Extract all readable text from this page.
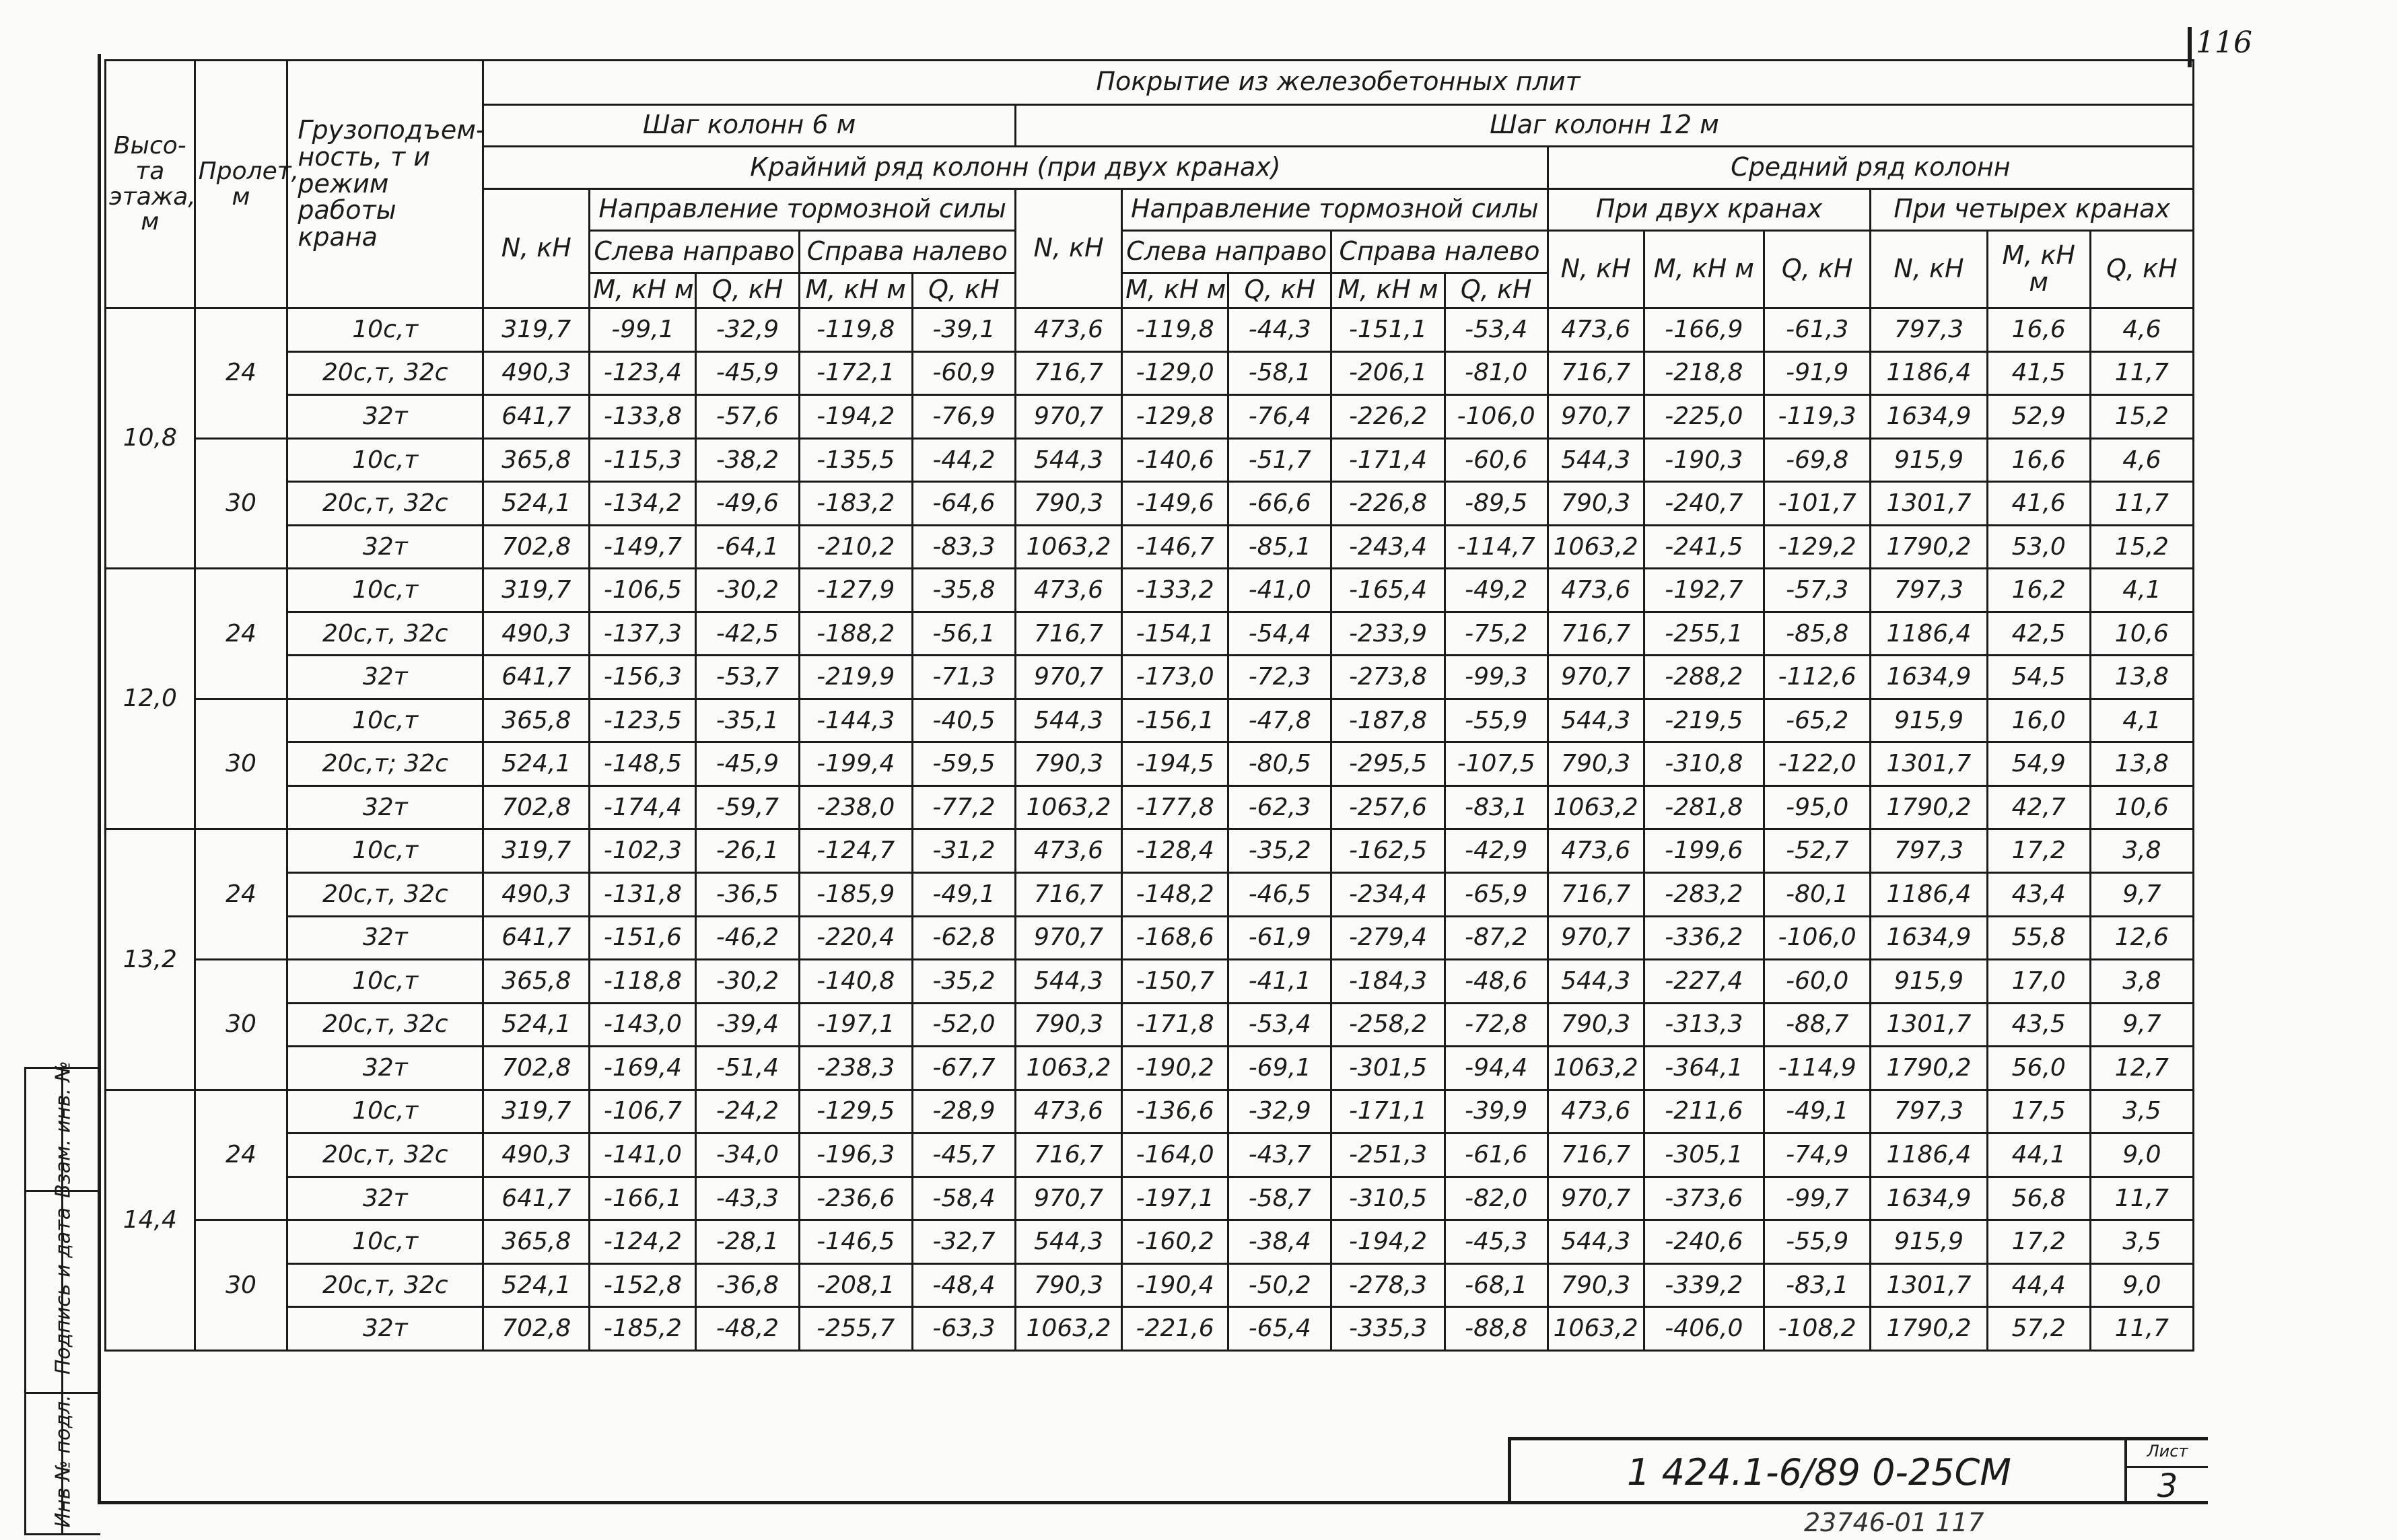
116
Высо-та этажа, м	Пролет, м	Грузоподъем-ность, т и режим работы крана	Покрытие из железобетонных плит															
			Шаг колонн 6 м					Шаг колонн 12 м										
			Крайний ряд колонн (при двух кранах)										Средний ряд колонн					
			N, кН	Направление тормозной силы				N, кН	Направление тормозной силы				При двух кранах			При четырех кранах		
				Слева направо		Справа налево			Слева направо		Справа налево		N, кН	М, кН м	Q, кН	N, кН	М, кН м	Q, кН
				М, кН м	Q, кН	М, кН м	Q, кН		М, кН м	Q, кН	М, кН м	Q, кН						
10,8	24	10с,т	319,7	-99,1	-32,9	-119,8	-39,1	473,6	-119,8	-44,3	-151,1	-53,4	473,6	-166,9	-61,3	797,3	16,6	4,6
		20с,т, 32с	490,3	-123,4	-45,9	-172,1	-60,9	716,7	-129,0	-58,1	-206,1	-81,0	716,7	-218,8	-91,9	1186,4	41,5	11,7
		32т	641,7	-133,8	-57,6	-194,2	-76,9	970,7	-129,8	-76,4	-226,2	-106,0	970,7	-225,0	-119,3	1634,9	52,9	15,2
	30	10с,т	365,8	-115,3	-38,2	-135,5	-44,2	544,3	-140,6	-51,7	-171,4	-60,6	544,3	-190,3	-69,8	915,9	16,6	4,6
		20с,т, 32с	524,1	-134,2	-49,6	-183,2	-64,6	790,3	-149,6	-66,6	-226,8	-89,5	790,3	-240,7	-101,7	1301,7	41,6	11,7
		32т	702,8	-149,7	-64,1	-210,2	-83,3	1063,2	-146,7	-85,1	-243,4	-114,7	1063,2	-241,5	-129,2	1790,2	53,0	15,2
12,0	24	10с,т	319,7	-106,5	-30,2	-127,9	-35,8	473,6	-133,2	-41,0	-165,4	-49,2	473,6	-192,7	-57,3	797,3	16,2	4,1
		20с,т, 32с	490,3	-137,3	-42,5	-188,2	-56,1	716,7	-154,1	-54,4	-233,9	-75,2	716,7	-255,1	-85,8	1186,4	42,5	10,6
		32т	641,7	-156,3	-53,7	-219,9	-71,3	970,7	-173,0	-72,3	-273,8	-99,3	970,7	-288,2	-112,6	1634,9	54,5	13,8
	30	10с,т	365,8	-123,5	-35,1	-144,3	-40,5	544,3	-156,1	-47,8	-187,8	-55,9	544,3	-219,5	-65,2	915,9	16,0	4,1
		20с,т; 32с	524,1	-148,5	-45,9	-199,4	-59,5	790,3	-194,5	-80,5	-295,5	-107,5	790,3	-310,8	-122,0	1301,7	54,9	13,8
		32т	702,8	-174,4	-59,7	-238,0	-77,2	1063,2	-177,8	-62,3	-257,6	-83,1	1063,2	-281,8	-95,0	1790,2	42,7	10,6
13,2	24	10с,т	319,7	-102,3	-26,1	-124,7	-31,2	473,6	-128,4	-35,2	-162,5	-42,9	473,6	-199,6	-52,7	797,3	17,2	3,8
		20с,т, 32с	490,3	-131,8	-36,5	-185,9	-49,1	716,7	-148,2	-46,5	-234,4	-65,9	716,7	-283,2	-80,1	1186,4	43,4	9,7
		32т	641,7	-151,6	-46,2	-220,4	-62,8	970,7	-168,6	-61,9	-279,4	-87,2	970,7	-336,2	-106,0	1634,9	55,8	12,6
	30	10с,т	365,8	-118,8	-30,2	-140,8	-35,2	544,3	-150,7	-41,1	-184,3	-48,6	544,3	-227,4	-60,0	915,9	17,0	3,8
		20с,т, 32с	524,1	-143,0	-39,4	-197,1	-52,0	790,3	-171,8	-53,4	-258,2	-72,8	790,3	-313,3	-88,7	1301,7	43,5	9,7
		32т	702,8	-169,4	-51,4	-238,3	-67,7	1063,2	-190,2	-69,1	-301,5	-94,4	1063,2	-364,1	-114,9	1790,2	56,0	12,7
14,4	24	10с,т	319,7	-106,7	-24,2	-129,5	-28,9	473,6	-136,6	-32,9	-171,1	-39,9	473,6	-211,6	-49,1	797,3	17,5	3,5
		20с,т, 32с	490,3	-141,0	-34,0	-196,3	-45,7	716,7	-164,0	-43,7	-251,3	-61,6	716,7	-305,1	-74,9	1186,4	44,1	9,0
		32т	641,7	-166,1	-43,3	-236,6	-58,4	970,7	-197,1	-58,7	-310,5	-82,0	970,7	-373,6	-99,7	1634,9	56,8	11,7
	30	10с,т	365,8	-124,2	-28,1	-146,5	-32,7	544,3	-160,2	-38,4	-194,2	-45,3	544,3	-240,6	-55,9	915,9	17,2	3,5
		20с,т, 32с	524,1	-152,8	-36,8	-208,1	-48,4	790,3	-190,4	-50,2	-278,3	-68,1	790,3	-339,2	-83,1	1301,7	44,4	9,0
		32т	702,8	-185,2	-48,2	-255,7	-63,3	1063,2	-221,6	-65,4	-335,3	-88,8	1063,2	-406,0	-108,2	1790,2	57,2	11,7
Взам. инв. №
Подпись и дата
Инв № подл.	1 424.1-6/89 0-25СМ	Лист
3
23746-01 117
